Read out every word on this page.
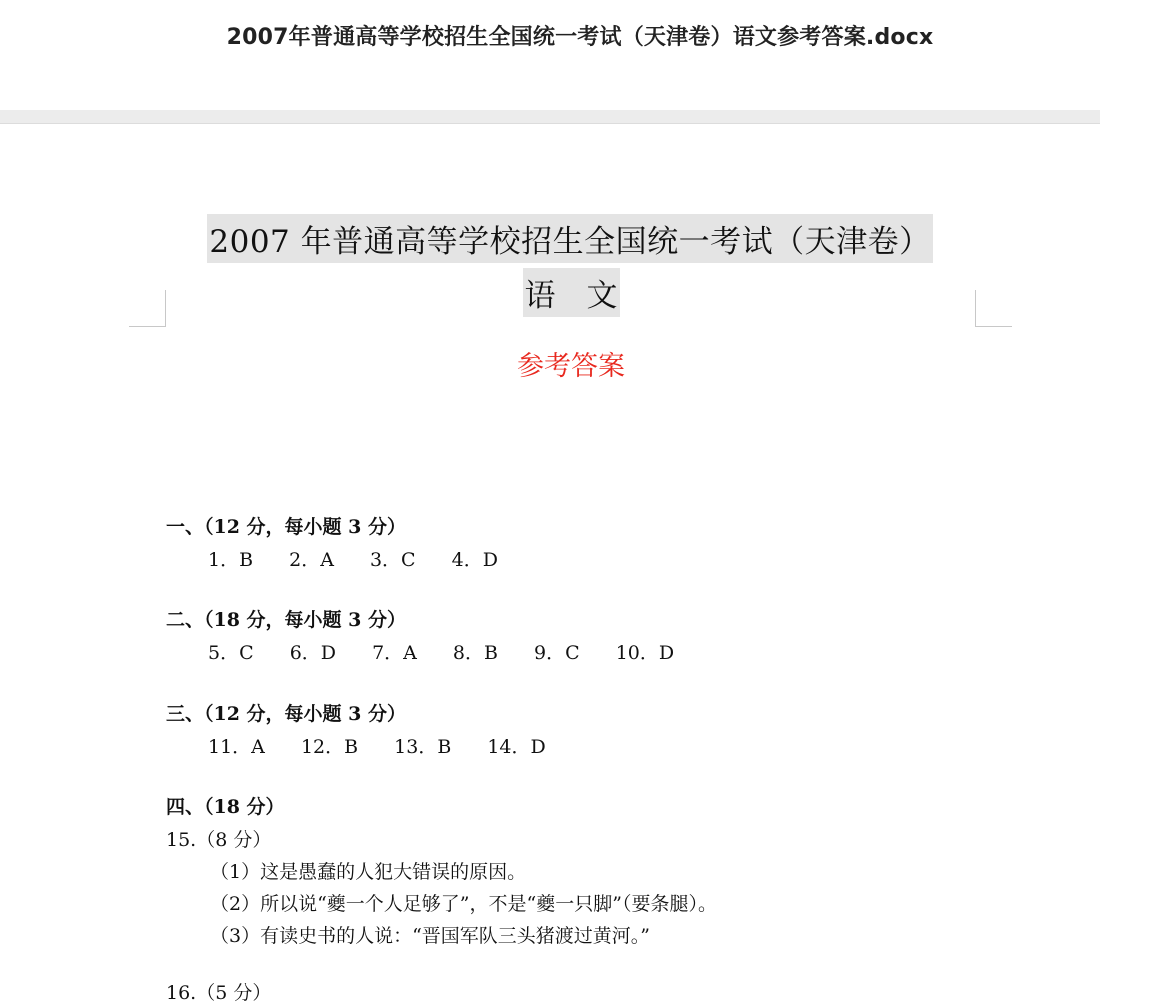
2007年普通高等学校招生全国统一考试（天津卷）语文参考答案.docx
2007 年普通高等学校招生全国统一考试（天津卷）
语　文
参考答案
一、（12 分，每小题 3 分）
1．B 2．A 3．C 4．D
二、（18 分，每小题 3 分）
5．C 6．D 7．A 8．B 9．C 10．D
三、（12 分，每小题 3 分）
11．A 12．B 13．B 14．D
四、（18 分）
15.（8 分）
（1）这是愚蠢的人犯大错误的原因。
（2）所以说“夔一个人足够了”，不是“夔一只脚”（要条腿）。
（3）有读史书的人说：“晋国军队三头猪渡过黄河。”
16.（5 分）
